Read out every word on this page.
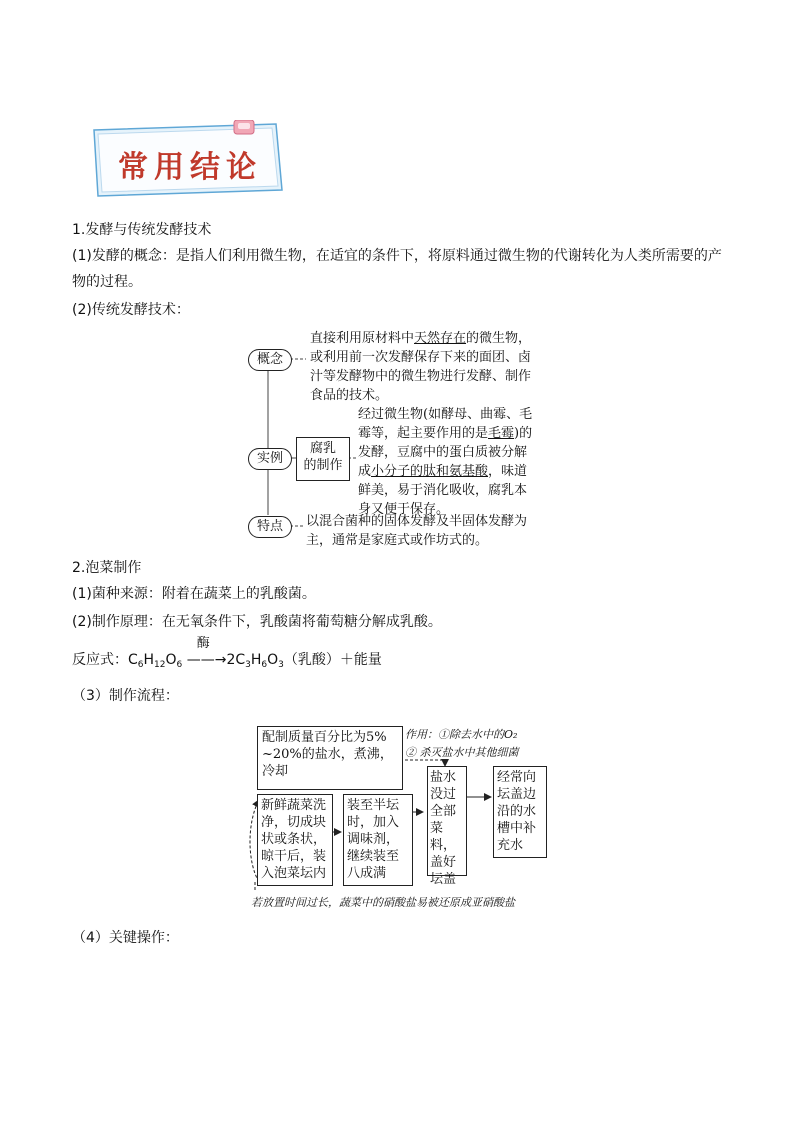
常用结论
1.发酵与传统发酵技术
(1)发酵的概念：是指人们利用微生物，在适宜的条件下，将原料通过微生物的代谢转化为人类所需要的产
物的过程。
(2)传统发酵技术：
概念
直接利用原材料中天然存在的微生物，
或利用前一次发酵保存下来的面团、卤
汁等发酵物中的微生物进行发酵、制作
食品的技术。
实例
腐乳
的制作
经过微生物(如酵母、曲霉、毛
霉等，起主要作用的是毛霉)的
发酵，豆腐中的蛋白质被分解
成小分子的肽和氨基酸，味道
鲜美，易于消化吸收，腐乳本
身又便于保存。
特点	以混合菌种的固体发酵及半固体发酵为
主，通常是家庭式或作坊式的。
2.泡菜制作
(1)菌种来源：附着在蔬菜上的乳酸菌。
(2)制作原理：在无氧条件下，乳酸菌将葡萄糖分解成乳酸。
反应式：$C_6H_{12}O_6$
酶
$——\to 2C_3H_6O_3$（乳酸）＋能量
（3）制作流程：
配制质量百分比为5%
~20%的盐水，煮沸，
冷却
作用：①除去水中的O₂
② 杀灭盐水中其他细菌
新鲜蔬菜洗
净，切成块
状或条状，
晾干后，装
入泡菜坛内
装至半坛
时，加入
调味剂，
继续装至
八成满
盐水
没过
全部
菜料，
盖好
坛盖
经常向
坛盖边
沿的水
槽中补
充水
若放置时间过长，蔬菜中的硝酸盐易被还原成亚硝酸盐
（4）关键操作：
